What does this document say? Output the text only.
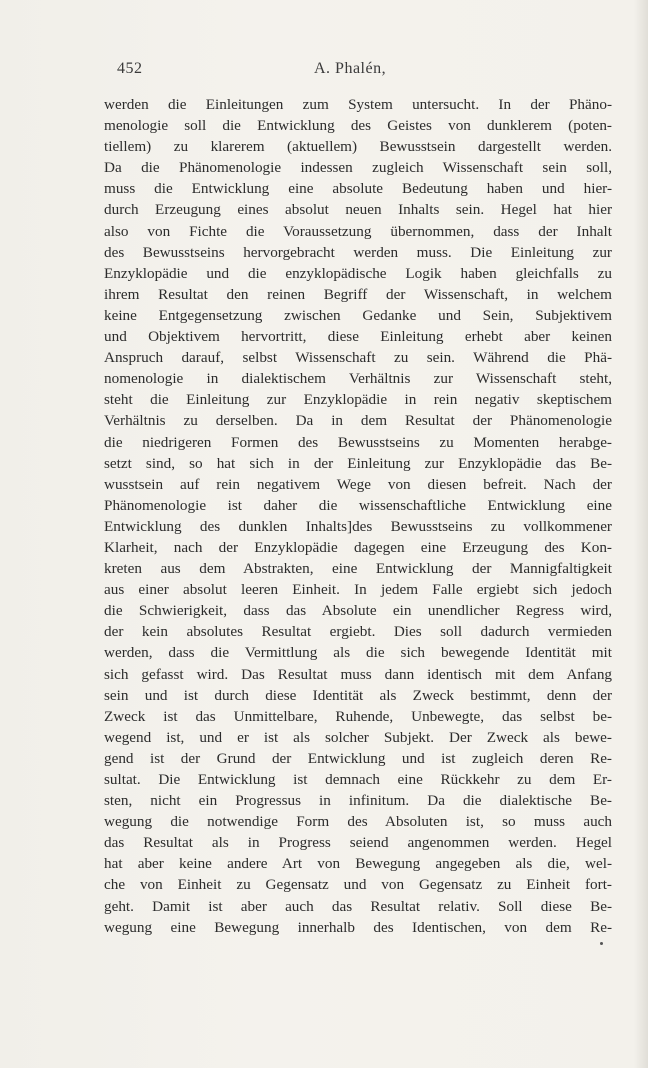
452	A. Phalén,
werden die Einleitungen zum System untersucht. In der Phäno-
menologie soll die Entwicklung des Geistes von dunklerem (poten-
tiellem) zu klarerem (aktuellem) Bewusstsein dargestellt werden.
Da die Phänomenologie indessen zugleich Wissenschaft sein soll,
muss die Entwicklung eine absolute Bedeutung haben und hier-
durch Erzeugung eines absolut neuen Inhalts sein. Hegel hat hier
also von Fichte die Voraussetzung übernommen, dass der Inhalt
des Bewusstseins hervorgebracht werden muss. Die Einleitung zur
Enzyklopädie und die enzyklopädische Logik haben gleichfalls zu
ihrem Resultat den reinen Begriff der Wissenschaft, in welchem
keine Entgegensetzung zwischen Gedanke und Sein, Subjektivem
und Objektivem hervortritt, diese Einleitung erhebt aber keinen
Anspruch darauf, selbst Wissenschaft zu sein. Während die Phä-
nomenologie in dialektischem Verhältnis zur Wissenschaft steht,
steht die Einleitung zur Enzyklopädie in rein negativ skeptischem
Verhältnis zu derselben. Da in dem Resultat der Phänomenologie
die niedrigeren Formen des Bewusstseins zu Momenten herabge-
setzt sind, so hat sich in der Einleitung zur Enzyklopädie das Be-
wusstsein auf rein negativem Wege von diesen befreit. Nach der
Phänomenologie ist daher die wissenschaftliche Entwicklung eine
Entwicklung des dunklen Inhalts]des Bewusstseins zu vollkommener
Klarheit, nach der Enzyklopädie dagegen eine Erzeugung des Kon-
kreten aus dem Abstrakten, eine Entwicklung der Mannigfaltigkeit
aus einer absolut leeren Einheit. In jedem Falle ergiebt sich jedoch
die Schwierigkeit, dass das Absolute ein unendlicher Regress wird,
der kein absolutes Resultat ergiebt. Dies soll dadurch vermieden
werden, dass die Vermittlung als die sich bewegende Identität mit
sich gefasst wird. Das Resultat muss dann identisch mit dem Anfang
sein und ist durch diese Identität als Zweck bestimmt, denn der
Zweck ist das Unmittelbare, Ruhende, Unbewegte, das selbst be-
wegend ist, und er ist als solcher Subjekt. Der Zweck als bewe-
gend ist der Grund der Entwicklung und ist zugleich deren Re-
sultat. Die Entwicklung ist demnach eine Rückkehr zu dem Er-
sten, nicht ein Progressus in infinitum. Da die dialektische Be-
wegung die notwendige Form des Absoluten ist, so muss auch
das Resultat als in Progress seiend angenommen werden. Hegel
hat aber keine andere Art von Bewegung angegeben als die, wel-
che von Einheit zu Gegensatz und von Gegensatz zu Einheit fort-
geht. Damit ist aber auch das Resultat relativ. Soll diese Be-
wegung eine Bewegung innerhalb des Identischen, von dem Re-
